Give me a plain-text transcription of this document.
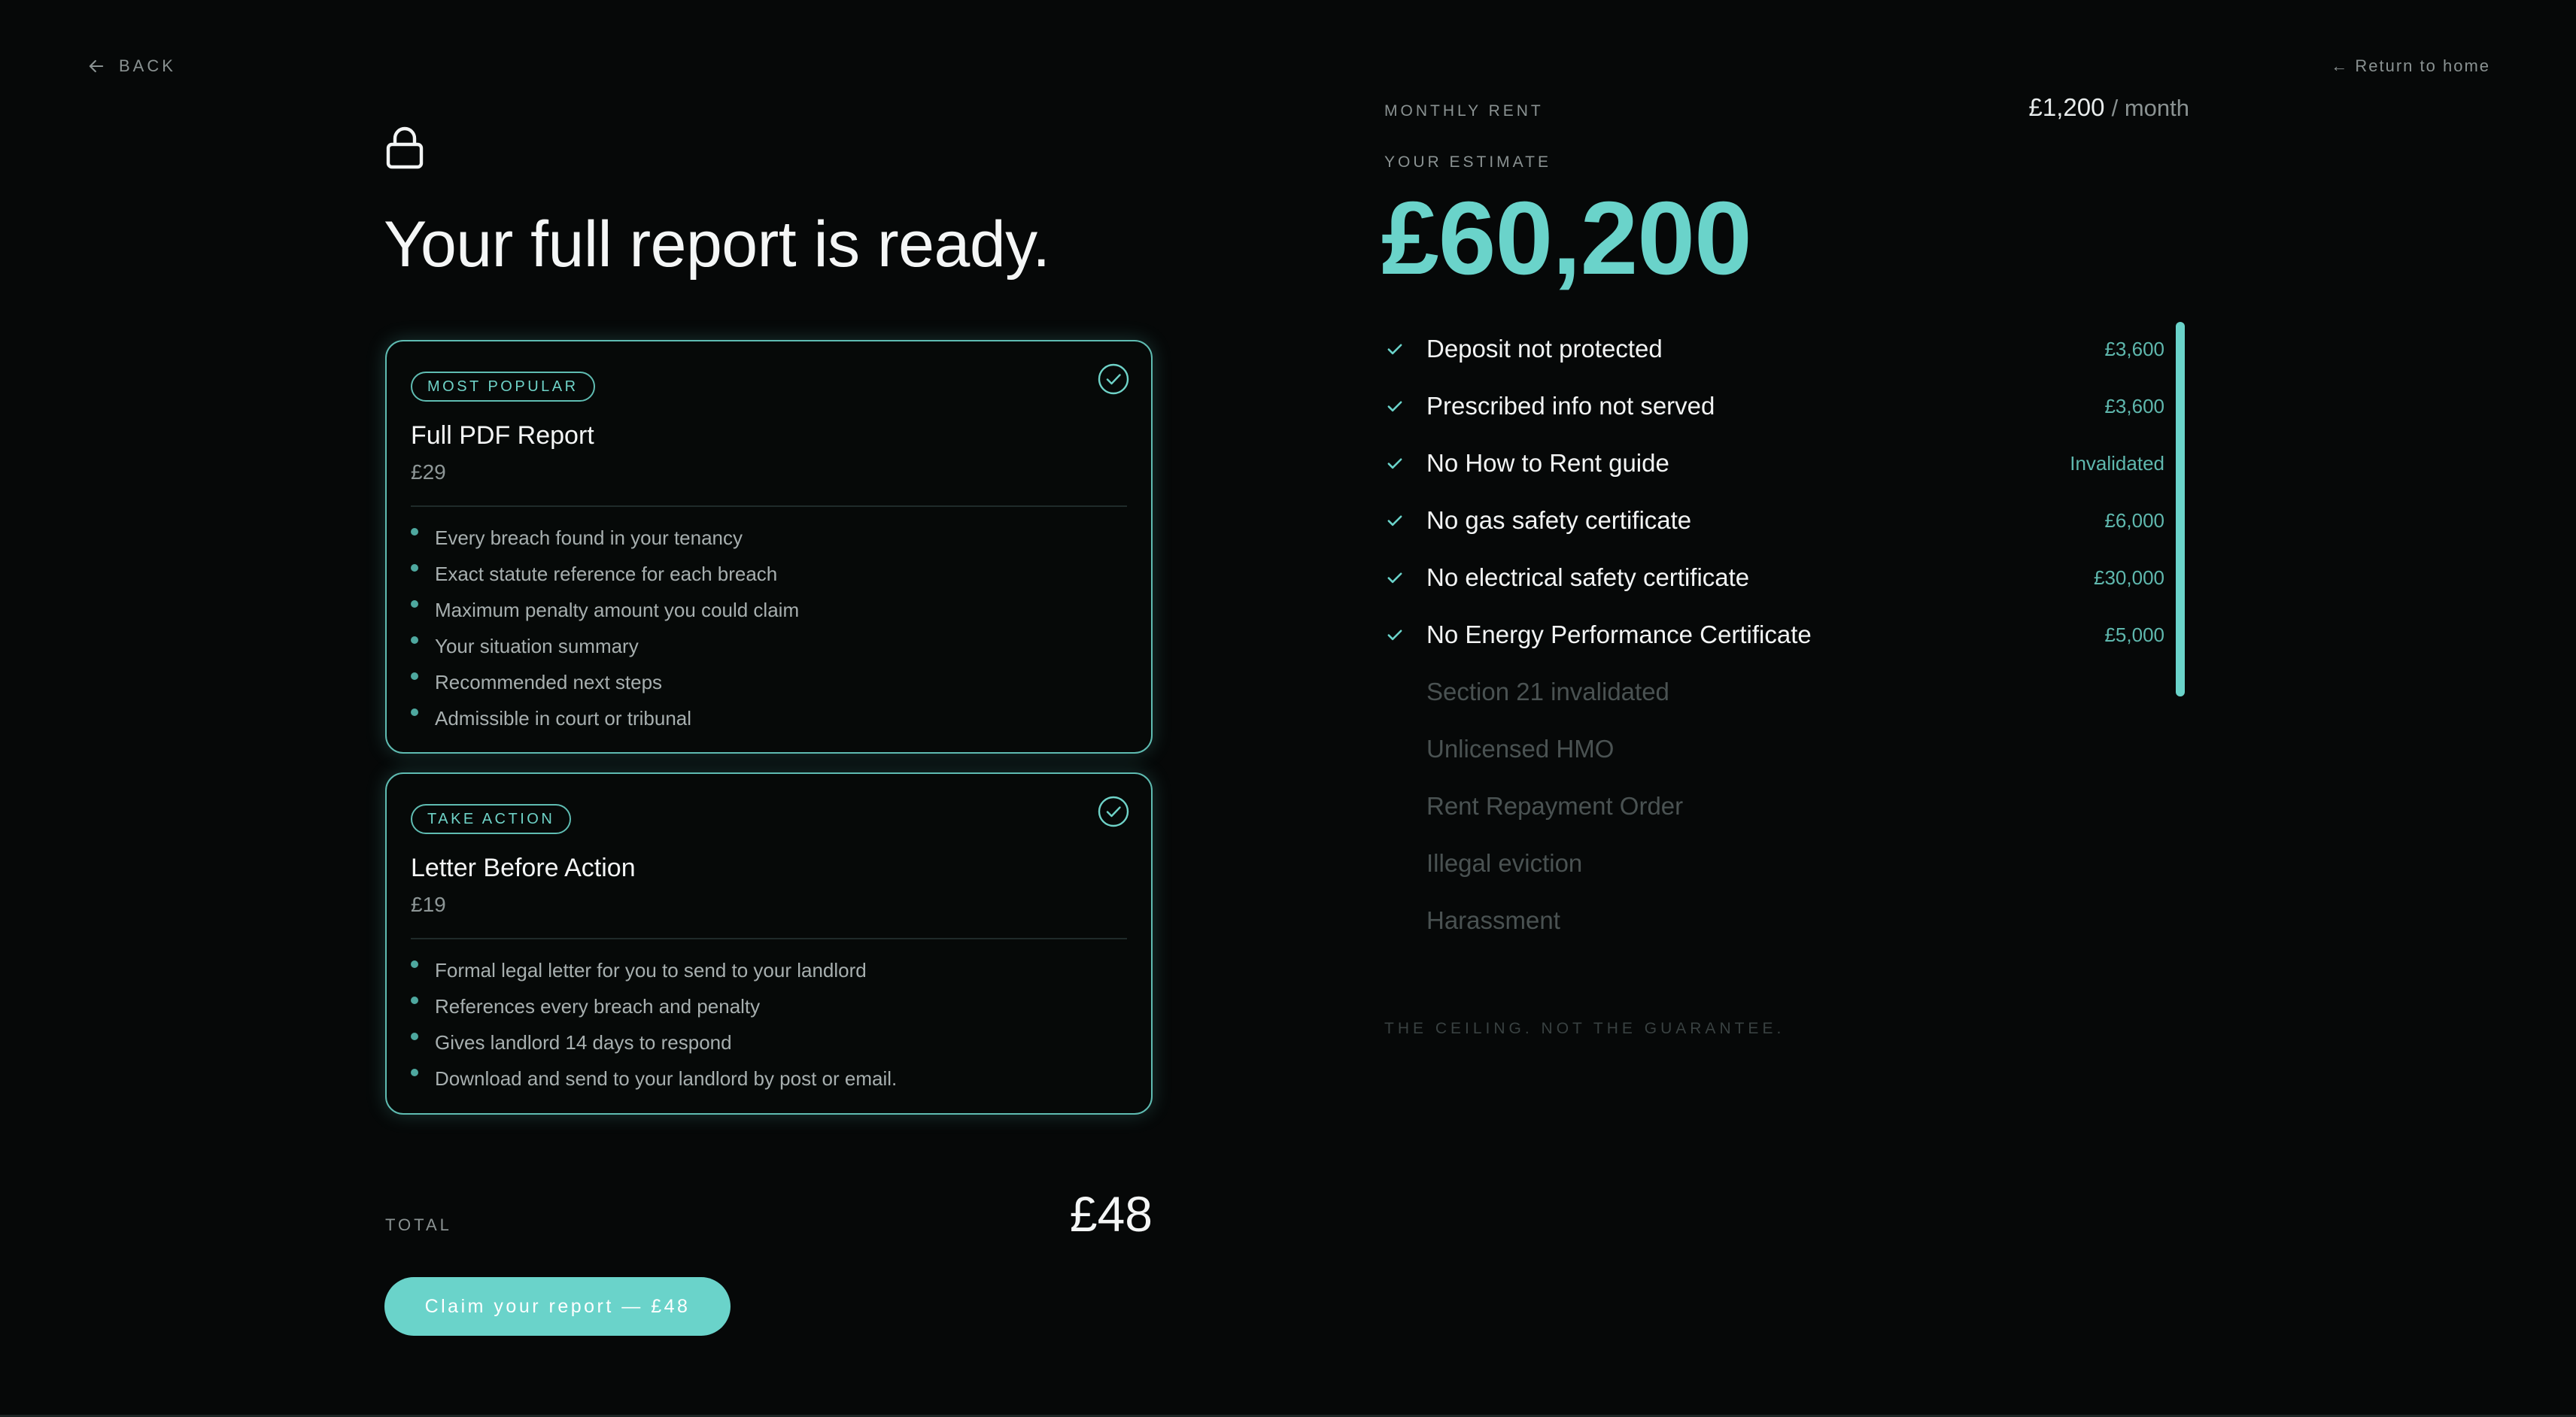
BACK	← Return to home
Your full report is ready.
MOST POPULAR
Full PDF Report
£29
Every breach found in your tenancy
Exact statute reference for each breach
Maximum penalty amount you could claim
Your situation summary
Recommended next steps
Admissible in court or tribunal
TAKE ACTION
Letter Before Action
£19
Formal legal letter for you to send to your landlord
References every breach and penalty
Gives landlord 14 days to respond
Download and send to your landlord by post or email.
TOTAL	£48
Claim your report — £48
MONTHLY RENT	£1,200 / month
YOUR ESTIMATE
£60,200
Deposit not protected	£3,600
Prescribed info not served	£3,600
No How to Rent guide	Invalidated
No gas safety certificate	£6,000
No electrical safety certificate	£30,000
No Energy Performance Certificate	£5,000
Section 21 invalidated
Unlicensed HMO
Rent Repayment Order
Illegal eviction
Harassment
THE CEILING. NOT THE GUARANTEE.
